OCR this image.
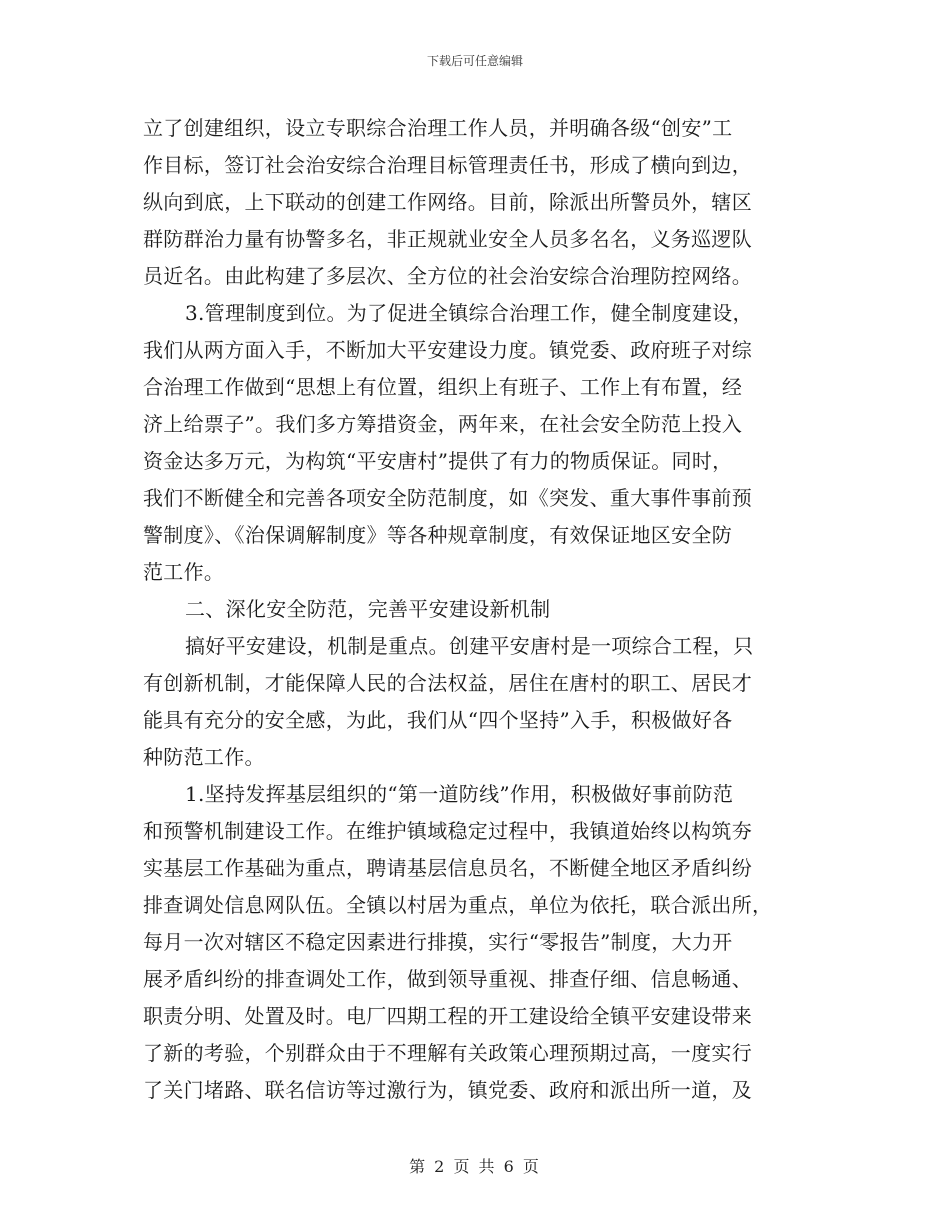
下载后可任意编辑
立了创建组织，设立专职综合治理工作人员，并明确各级“创安”工
作目标，签订社会治安综合治理目标管理责任书，形成了横向到边，
纵向到底，上下联动的创建工作网络。目前，除派出所警员外，辖区
群防群治力量有协警多名，非正规就业安全人员多名名，义务巡逻队
员近名。由此构建了多层次、全方位的社会治安综合治理防控网络。
3.管理制度到位。为了促进全镇综合治理工作，健全制度建设，
我们从两方面入手，不断加大平安建设力度。镇党委、政府班子对综
合治理工作做到“思想上有位置，组织上有班子、工作上有布置，经
济上给票子”。我们多方筹措资金，两年来，在社会安全防范上投入
资金达多万元，为构筑“平安唐村”提供了有力的物质保证。同时，
我们不断健全和完善各项安全防范制度，如《突发、重大事件事前预
警制度》、《治保调解制度》等各种规章制度，有效保证地区安全防
范工作。
二、深化安全防范，完善平安建设新机制
搞好平安建设，机制是重点。创建平安唐村是一项综合工程，只
有创新机制，才能保障人民的合法权益，居住在唐村的职工、居民才
能具有充分的安全感，为此，我们从“四个坚持”入手，积极做好各
种防范工作。
1.坚持发挥基层组织的“第一道防线”作用，积极做好事前防范
和预警机制建设工作。在维护镇域稳定过程中，我镇道始终以构筑夯
实基层工作基础为重点，聘请基层信息员名，不断健全地区矛盾纠纷
排查调处信息网队伍。全镇以村居为重点，单位为依托，联合派出所，
每月一次对辖区不稳定因素进行排摸，实行“零报告”制度，大力开
展矛盾纠纷的排查调处工作，做到领导重视、排查仔细、信息畅通、
职责分明、处置及时。电厂四期工程的开工建设给全镇平安建设带来
了新的考验，个别群众由于不理解有关政策心理预期过高，一度实行
了关门堵路、联名信访等过激行为，镇党委、政府和派出所一道，及
第 2 页 共 6 页
